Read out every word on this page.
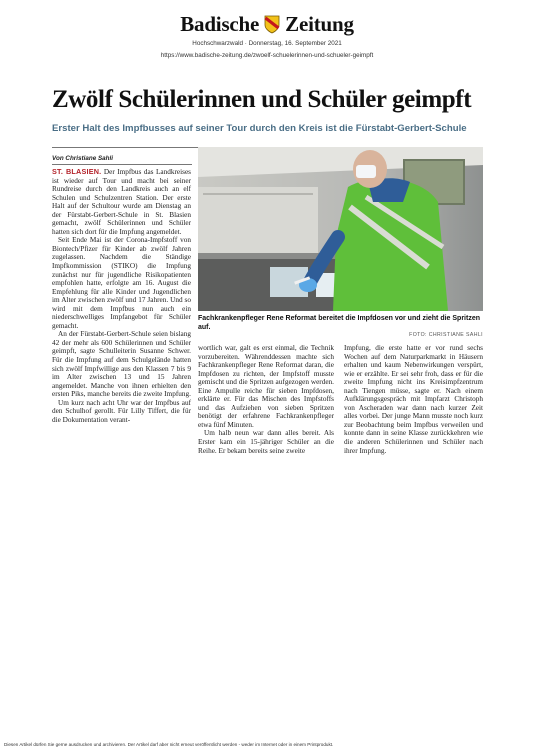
Badische Zeitung
Hochschwarzwald · Donnerstag, 16. September 2021
https://www.badische-zeitung.de/zwoelf-schuelerinnen-und-schueler-geimpft
Zwölf Schülerinnen und Schüler geimpft
Erster Halt des Impfbusses auf seiner Tour durch den Kreis ist die Fürstabt-Gerbert-Schule
Von Christiane Sahli

ST. BLASIEN. Der Impfbus das Landkreises ist wieder auf Tour und macht bei seiner Rundreise durch den Landkreis auch an elf Schulen und Schulzentren Station. Der erste Halt auf der Schultour wurde am Dienstag an der Fürstabt-Gerbert-Schule in St. Blasien gemacht, zwölf Schülerinnen und Schüler hatten sich dort für die Impfung angemeldet.

Seit Ende Mai ist der Corona-Impfstoff von Biontech/Pfizer für Kinder ab zwölf Jahren zugelassen. Nachdem die Ständige Impfkommission (STIKO) die Impfung zunächst nur für jugendliche Risikopatienten empfohlen hatte, erfolgte am 16. August die Empfehlung für alle Kinder und Jugendlichen im Alter zwischen zwölf und 17 Jahren. Und so wird mit dem Impfbus nun auch ein niederschwelliges Impfangebot für Schüler gemacht.

An der Fürstabt-Gerbert-Schule seien bislang 42 der mehr als 600 Schülerinnen und Schüler geimpft, sagte Schulleiterin Susanne Schwer. Für die Impfung auf dem Schulgelände hatten sich zwölf Impfwillige aus den Klassen 7 bis 9 im Alter zwischen 13 und 15 Jahren angemeldet. Manche von ihnen erhielten den ersten Piks, manche bereits die zweite Impfung.

Um kurz nach acht Uhr war der Impfbus auf den Schulhof gerollt. Für Lilly Tiffert, die für die Dokumentation verant-

Fachkrankenpfleger Rene Reformat bereitet die Impfdosen vor und zieht die Spritzen auf.
FOTO: CHRISTIANE SAHLI

wortlich war, galt es erst einmal, die Technik vorzubereiten. Währenddessen machte sich Fachkrankenpfleger Rene Reformat daran, die Impfdosen zu richten, der Impfstoff musste gemischt und die Spritzen aufgezogen werden. Eine Ampulle reiche für sieben Impfdosen, erklärte er. Für das Mischen des Impfstoffs und das Aufziehen von sieben Spritzen benötigt der erfahrene Fachkrankenpfleger etwa fünf Minuten.

Um halb neun war dann alles bereit. Als Erster kam ein 15-jähriger Schüler an die Reihe. Er bekam bereits seine zweite

Impfung, die erste hatte er vor rund sechs Wochen auf dem Naturparkmarkt in Häusern erhalten und kaum Nebenwirkungen verspürt, wie er erzählte. Er sei sehr froh, dass er für die zweite Impfung nicht ins Kreisimpfzentrum nach Tiengen müsse, sagte er. Nach einem Aufklärungsgespräch mit Impfarzt Christoph von Ascheraden war dann nach kurzer Zeit alles vorbei. Der junge Mann musste noch kurz zur Beobachtung beim Impfbus verweilen und konnte dann in seine Klasse zurückkehren wie die anderen Schülerinnen und Schüler nach ihrer Impfung.

Diesen Artikel dürfen Sie gerne ausdrucken und archivieren. Der Artikel darf aber nicht erneut veröffentlicht werden - weder im Internet oder in einem Printprodukt.
